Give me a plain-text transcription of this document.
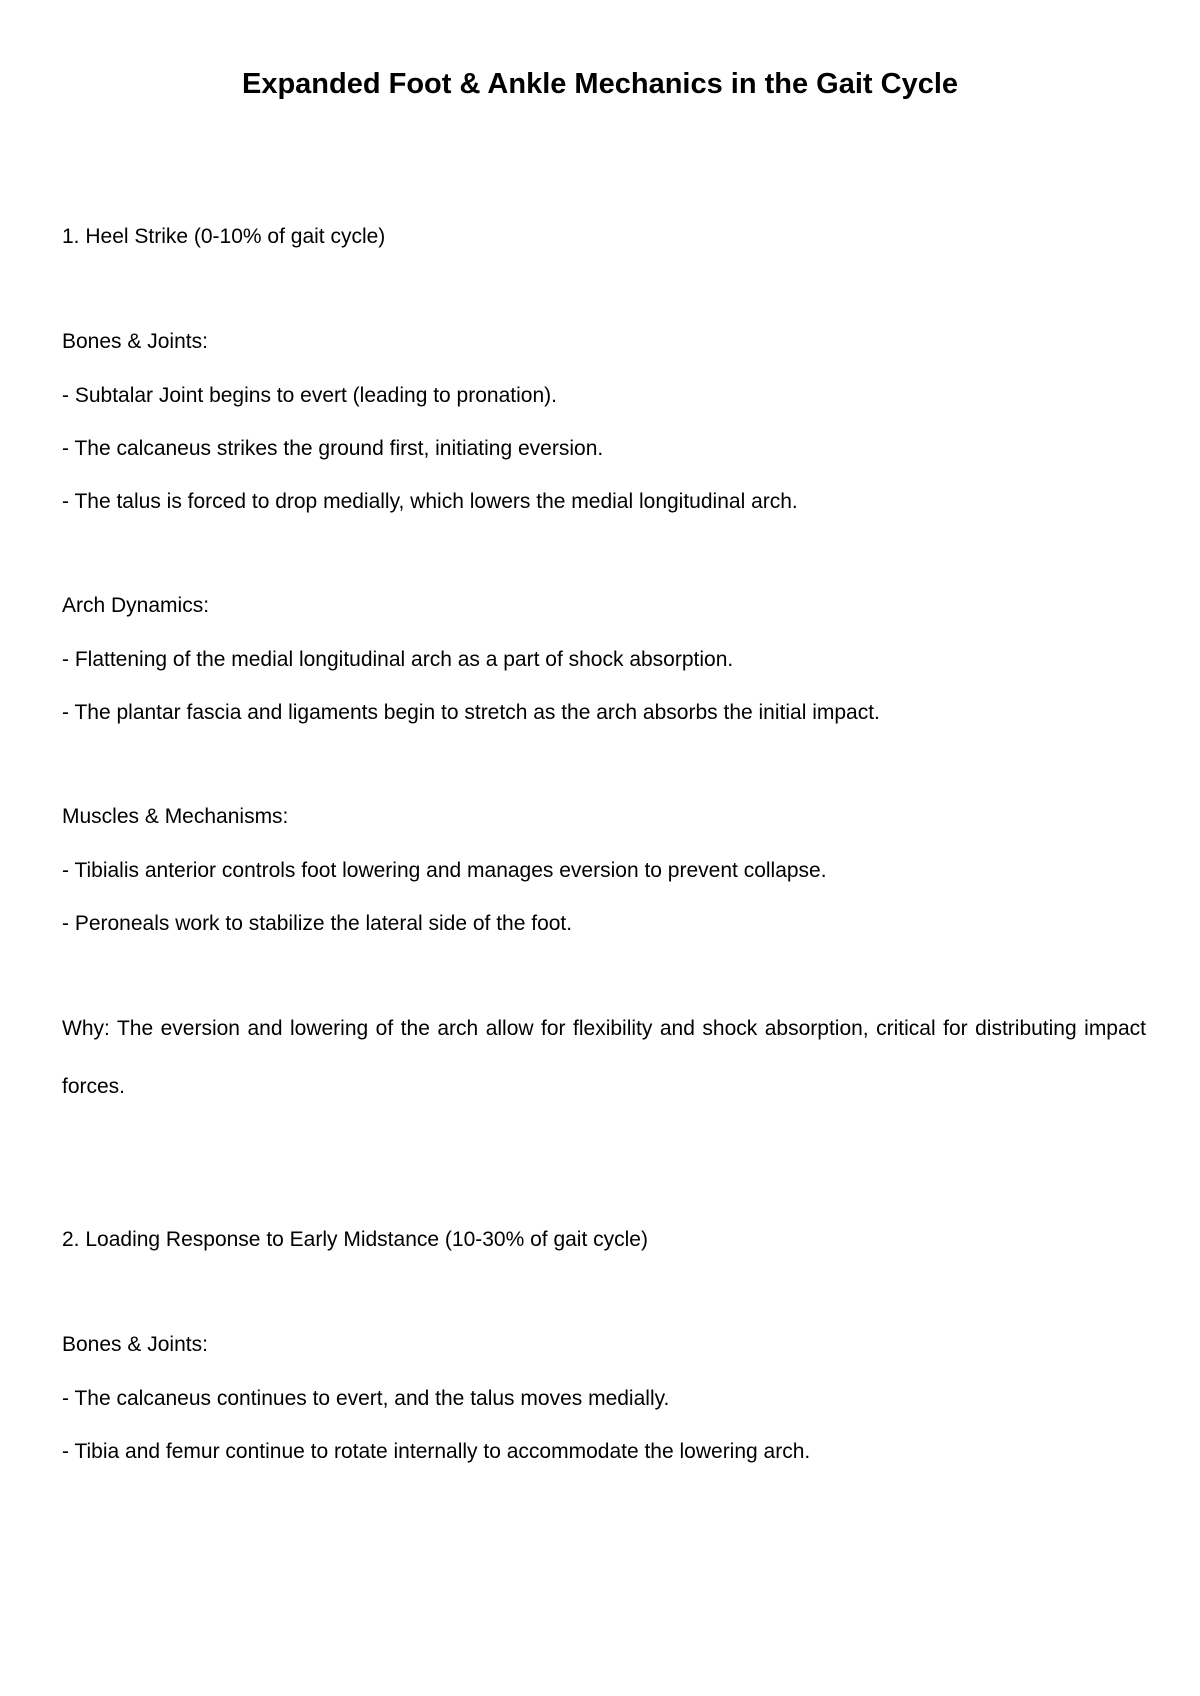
Expanded Foot & Ankle Mechanics in the Gait Cycle

1. Heel Strike (0-10% of gait cycle)

Bones & Joints:

- Subtalar Joint begins to evert (leading to pronation).

- The calcaneus strikes the ground first, initiating eversion.

- The talus is forced to drop medially, which lowers the medial longitudinal arch.

Arch Dynamics:

- Flattening of the medial longitudinal arch as a part of shock absorption.

- The plantar fascia and ligaments begin to stretch as the arch absorbs the initial impact.

Muscles & Mechanisms:

- Tibialis anterior controls foot lowering and manages eversion to prevent collapse.

- Peroneals work to stabilize the lateral side of the foot.

Why: The eversion and lowering of the arch allow for flexibility and shock absorption, critical for distributing impact forces.

2. Loading Response to Early Midstance (10-30% of gait cycle)

Bones & Joints:

- The calcaneus continues to evert, and the talus moves medially.

- Tibia and femur continue to rotate internally to accommodate the lowering arch.
